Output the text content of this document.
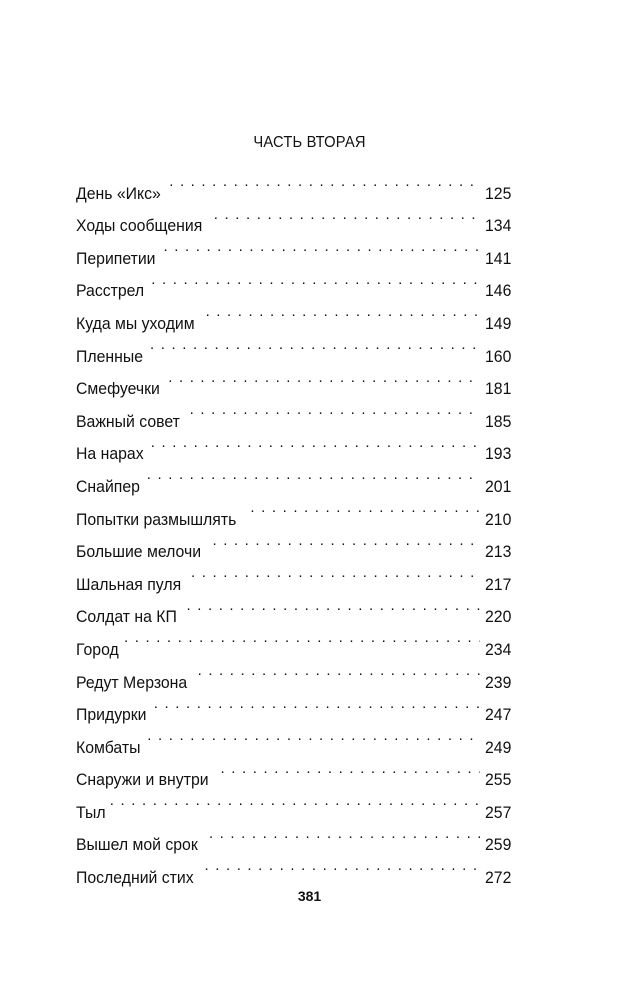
ЧАСТЬ ВТОРАЯ
День «Икс» . . .	125
Ходы сообщения . . .	134
Перипетии . . .	141
Расстрел . . .	146
Куда мы уходим . . .	149
Пленные . . .	160
Смефуечки . . .	181
Важный совет . . .	185
На нарах . . .	193
Снайпер . . .	201
Попытки размышлять . . .	210
Большие мелочи . . .	213
Шальная пуля . . .	217
Солдат на КП . . .	220
Город . . .	234
Редут Мерзона . . .	239
Придурки . . .	247
Комбаты . . .	249
Снаружи и внутри . . .	255
Тыл . . .	257
Вышел мой срок . . .	259
Последний стих . . .	272
381
